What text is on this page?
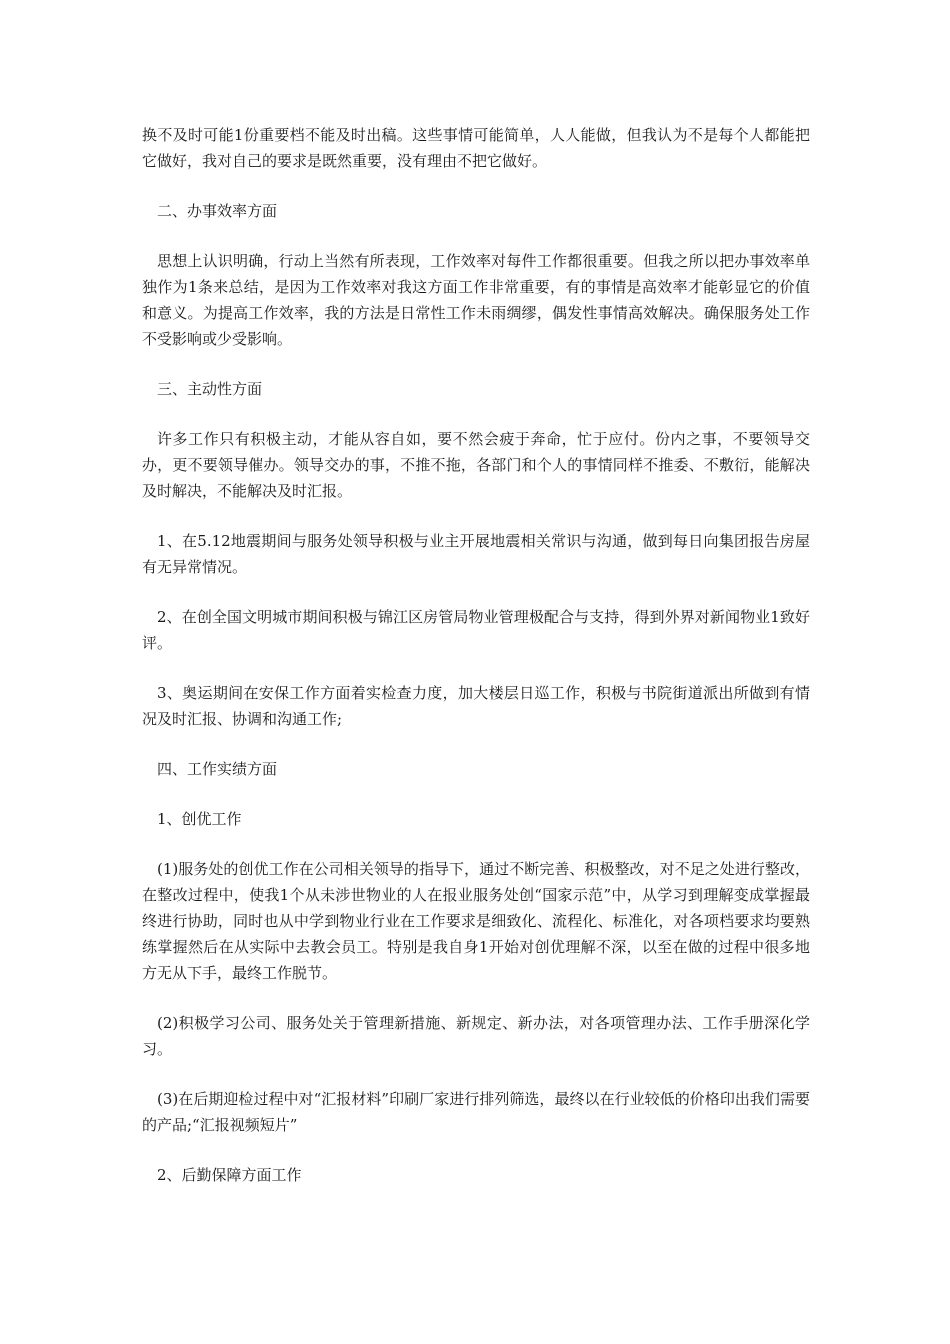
换不及时可能1份重要档不能及时出稿。这些事情可能简单，人人能做，但我认为不是每个人都能把它做好，我对自己的要求是既然重要，没有理由不把它做好。

二、办事效率方面

思想上认识明确，行动上当然有所表现，工作效率对每件工作都很重要。但我之所以把办事效率单独作为1条来总结，是因为工作效率对我这方面工作非常重要，有的事情是高效率才能彰显它的价值和意义。为提高工作效率，我的方法是日常性工作未雨绸缪，偶发性事情高效解决。确保服务处工作不受影响或少受影响。

三、主动性方面

许多工作只有积极主动，才能从容自如，要不然会疲于奔命，忙于应付。份内之事，不要领导交办，更不要领导催办。领导交办的事，不推不拖，各部门和个人的事情同样不推委、不敷衍，能解决及时解决，不能解决及时汇报。

1、在5.12地震期间与服务处领导积极与业主开展地震相关常识与沟通，做到每日向集团报告房屋有无异常情况。

2、在创全国文明城市期间积极与锦江区房管局物业管理极配合与支持，得到外界对新闻物业1致好评。

3、奥运期间在安保工作方面着实检查力度，加大楼层日巡工作，积极与书院街道派出所做到有情况及时汇报、协调和沟通工作;

四、工作实绩方面

1、创优工作

(1)服务处的创优工作在公司相关领导的指导下，通过不断完善、积极整改，对不足之处进行整改，在整改过程中，使我1个从未涉世物业的人在报业服务处创“国家示范”中，从学习到理解变成掌握最终进行协助，同时也从中学到物业行业在工作要求是细致化、流程化、标准化，对各项档要求均要熟练掌握然后在从实际中去教会员工。特别是我自身1开始对创优理解不深，以至在做的过程中很多地方无从下手，最终工作脱节。

(2)积极学习公司、服务处关于管理新措施、新规定、新办法，对各项管理办法、工作手册深化学习。

(3)在后期迎检过程中对“汇报材料”印刷厂家进行排列筛选，最终以在行业较低的价格印出我们需要的产品;“汇报视频短片”

2、后勤保障方面工作
